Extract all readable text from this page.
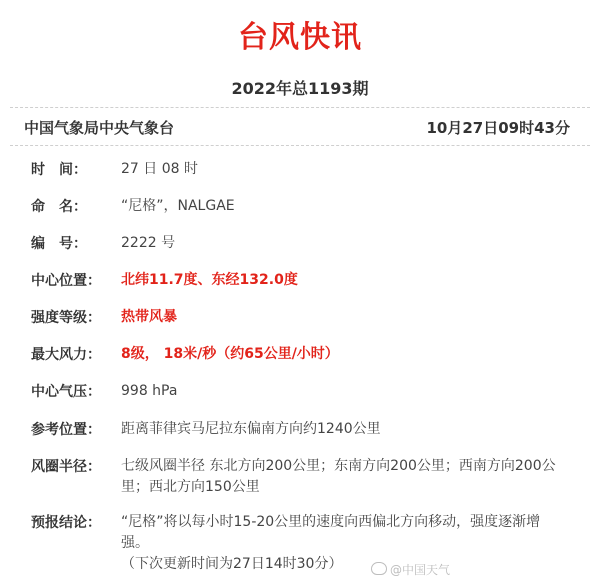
台风快讯
2022年总1193期
中国气象局中央气象台	10月27日09时43分
时　间：	27 日 08 时
命　名：	“尼格”，NALGAE
编　号：	2222 号
中心位置：	北纬11.7度、东经132.0度
强度等级：	热带风暴
最大风力：	8级， 18米/秒（约65公里/小时）
中心气压：	998 hPa
参考位置：	距离菲律宾马尼拉东偏南方向约1240公里
风圈半径：	七级风圈半径 东北方向200公里；东南方向200公里；西南方向200公里；西北方向150公里
预报结论：	“尼格”将以每小时15-20公里的速度向西偏北方向移动，强度逐渐增强。
（下次更新时间为27日14时30分）	@中国天气
